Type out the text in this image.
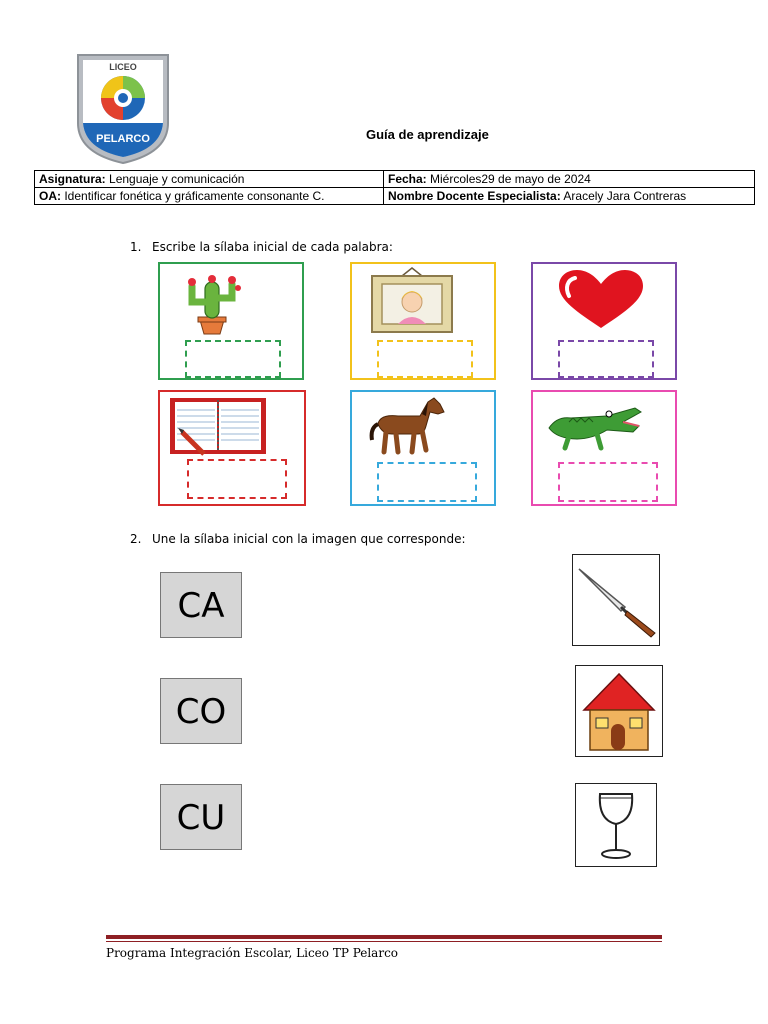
LICEO
PELARCO	Guía de aprendizaje
Asignatura: Lenguaje y comunicación	Fecha: Miércoles29 de mayo de 2024
OA: Identificar fonética y gráficamente consonante C.	Nombre Docente Especialista: Aracely Jara Contreras
1. Escribe la sílaba inicial de cada palabra:
2. Une la sílaba inicial con la imagen que corresponde:
CA
CO
CU
Programa Integración Escolar, Liceo TP Pelarco
